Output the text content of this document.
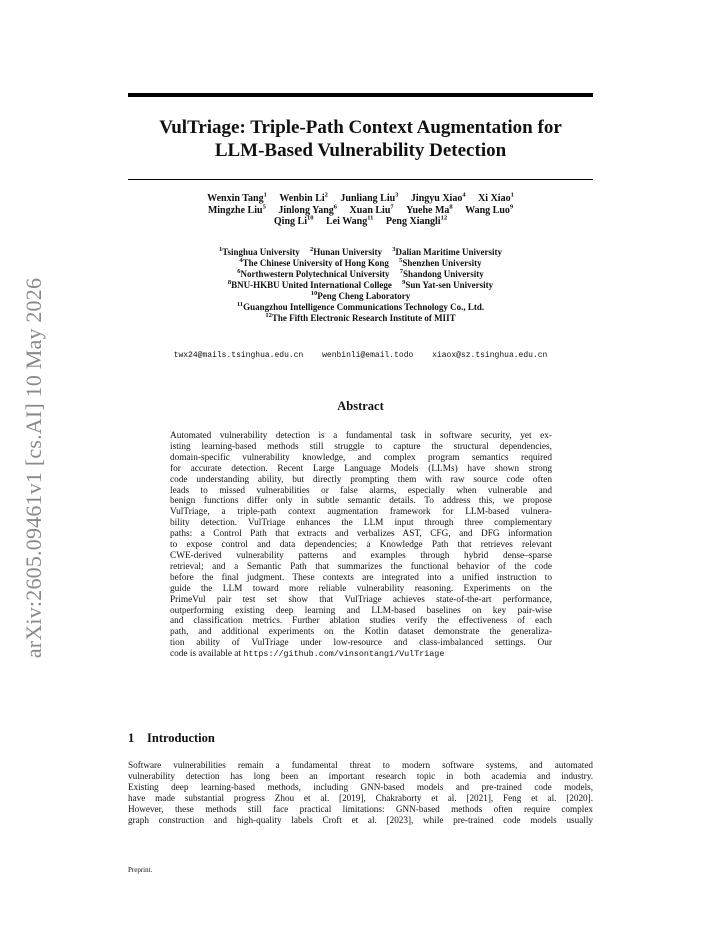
arXiv:2605.09461v1 [cs.AI] 10 May 2026
VulTriage: Triple-Path Context Augmentation for
LLM-Based Vulnerability Detection
Wenxin Tang$^1$ Wenbin Li$^2$ Junliang Liu$^3$ Jingyu Xiao$^4$ Xi Xiao$^1$
Mingzhe Liu$^5$ Jinlong Yang$^6$ Xuan Liu$^7$ Yuehe Ma$^8$ Wang Luo$^9$
Qing Li$^{10}$ Lei Wang$^{11}$ Peng Xiangli$^{12}$
$^1$Tsinghua University $^2$Hunan University $^3$Dalian Maritime University
$^4$The Chinese University of Hong Kong $^5$Shenzhen University
$^6$Northwestern Polytechnical University $^7$Shandong University
$^8$BNU-HKBU United International College $^9$Sun Yat-sen University
$^{10}$Peng Cheng Laboratory
$^{11}$Guangzhou Intelligence Communications Technology Co., Ltd.
$^{12}$The Fifth Electronic Research Institute of MIIT
twx24@mails.tsinghua.edu.cn wenbinli@email.todo xiaox@sz.tsinghua.edu.cn
Abstract
Automated vulnerability detection is a fundamental task in software security, yet ex-
isting learning-based methods still struggle to capture the structural dependencies,
domain-specific vulnerability knowledge, and complex program semantics required
for accurate detection. Recent Large Language Models (LLMs) have shown strong
code understanding ability, but directly prompting them with raw source code often
leads to missed vulnerabilities or false alarms, especially when vulnerable and
benign functions differ only in subtle semantic details. To address this, we propose
VulTriage, a triple-path context augmentation framework for LLM-based vulnera-
bility detection. VulTriage enhances the LLM input through three complementary
paths: a Control Path that extracts and verbalizes AST, CFG, and DFG information
to expose control and data dependencies; a Knowledge Path that retrieves relevant
CWE-derived vulnerability patterns and examples through hybrid dense–sparse
retrieval; and a Semantic Path that summarizes the functional behavior of the code
before the final judgment. These contexts are integrated into a unified instruction to
guide the LLM toward more reliable vulnerability reasoning. Experiments on the
PrimeVul pair test set show that VulTriage achieves state-of-the-art performance,
outperforming existing deep learning and LLM-based baselines on key pair-wise
and classification metrics. Further ablation studies verify the effectiveness of each
path, and additional experiments on the Kotlin dataset demonstrate the generaliza-
tion ability of VulTriage under low-resource and class-imbalanced settings. Our
code is available at https://github.com/vinsontang1/VulTriage
1 Introduction
Software vulnerabilities remain a fundamental threat to modern software systems, and automated
vulnerability detection has long been an important research topic in both academia and industry.
Existing deep learning-based methods, including GNN-based models and pre-trained code models,
have made substantial progress Zhou et al. [2019], Chakraborty et al. [2021], Feng et al. [2020].
However, these methods still face practical limitations: GNN-based methods often require complex
graph construction and high-quality labels Croft et al. [2023], while pre-trained code models usually
Preprint.
